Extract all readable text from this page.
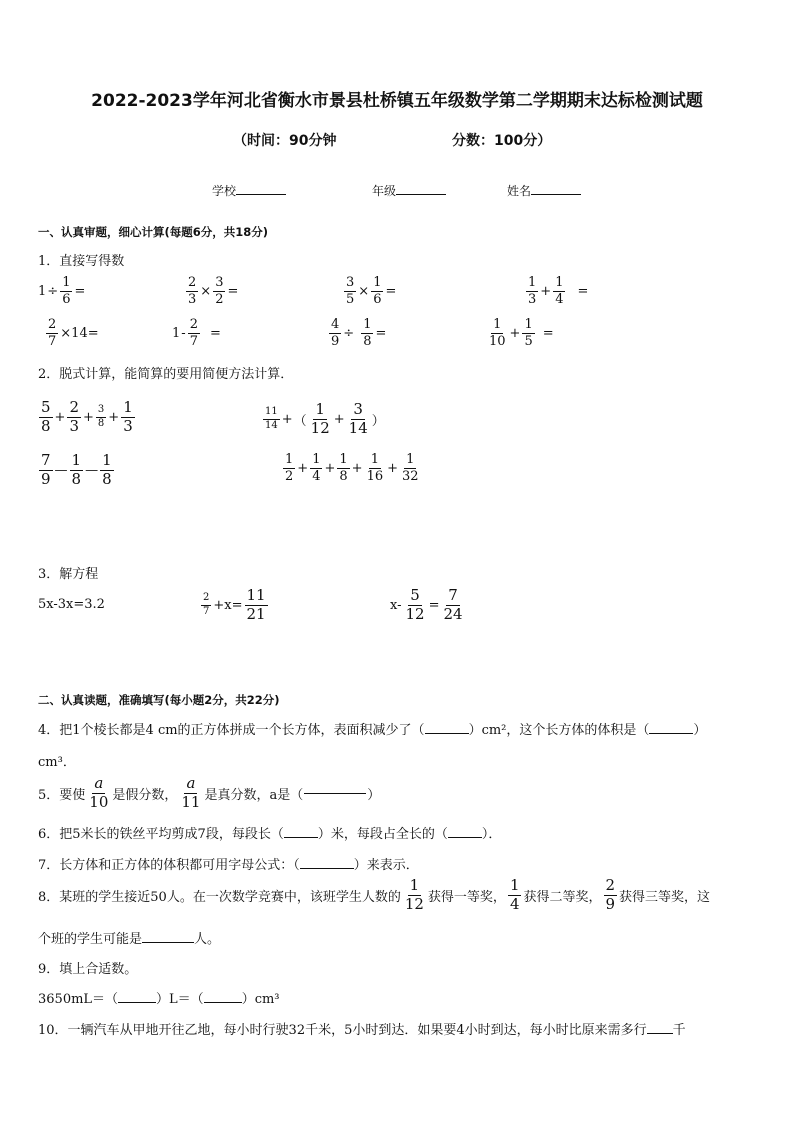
2022-2023学年河北省衡水市景县杜桥镇五年级数学第二学期期末达标检测试题
（时间：90分钟	分数：100分）
学校	年级	姓名
一、认真审题，细心计算(每题6分，共18分)
1．直接写得数
$1 \div \frac{1}{6}$ =	$\frac{2}{3} \times \frac{3}{2}$ =	$\frac{3}{5} \times \frac{1}{6}$ =	$\frac{1}{3} + \frac{1}{4}$ =
$\frac{2}{7} \times 14=$	$1 - \frac{2}{7}$ =	$\frac{4}{9} \div \frac{1}{8}$ =	$\frac{1}{10} + \frac{1}{5}$ =
2．脱式计算，能简算的要用简便方法计算．
$\frac{5}{8} + \frac{2}{3} + \frac{3}{8} + \frac{1}{3}$	$\frac{11}{14}$ + （ $\frac{1}{12} + \frac{3}{14}$ ）
$\frac{7}{9}$ — $\frac{1}{8}$ — $\frac{1}{8}$	$\frac{1}{2} + \frac{1}{4} + \frac{1}{8} + \frac{1}{16} + \frac{1}{32}$
3．解方程
5x-3x=3.2	$\frac{2}{7} +x= \frac{11}{21}$	$x- \frac{5}{12} = \frac{7}{24}$
二、认真读题，准确填写(每小题2分，共22分)
4．把1个棱长都是4 cm的正方体拼成一个长方体，表面积减少了（	）cm²，这个长方体的体积是（	）
cm³．
5．要使 $\frac{a}{10}$ 是假分数， $\frac{a}{11}$ 是真分数，a是（	）
6．把5米长的铁丝平均剪成7段，每段长（	）米，每段占全长的（	）．
7．长方体和正方体的体积都可用字母公式：（	）来表示．
8．某班的学生接近50人。在一次数学竞赛中，该班学生人数的 $\frac{1}{12}$ 获得一等奖， $\frac{1}{4}$ 获得二等奖， $\frac{2}{9}$ 获得三等奖，这
个班的学生可能是	人。
9．填上合适数。
3650mL＝（	）L＝（	）cm³
10．一辆汽车从甲地开往乙地，每小时行驶32千米，5小时到达．如果要4小时到达，每小时比原来需多行 千
